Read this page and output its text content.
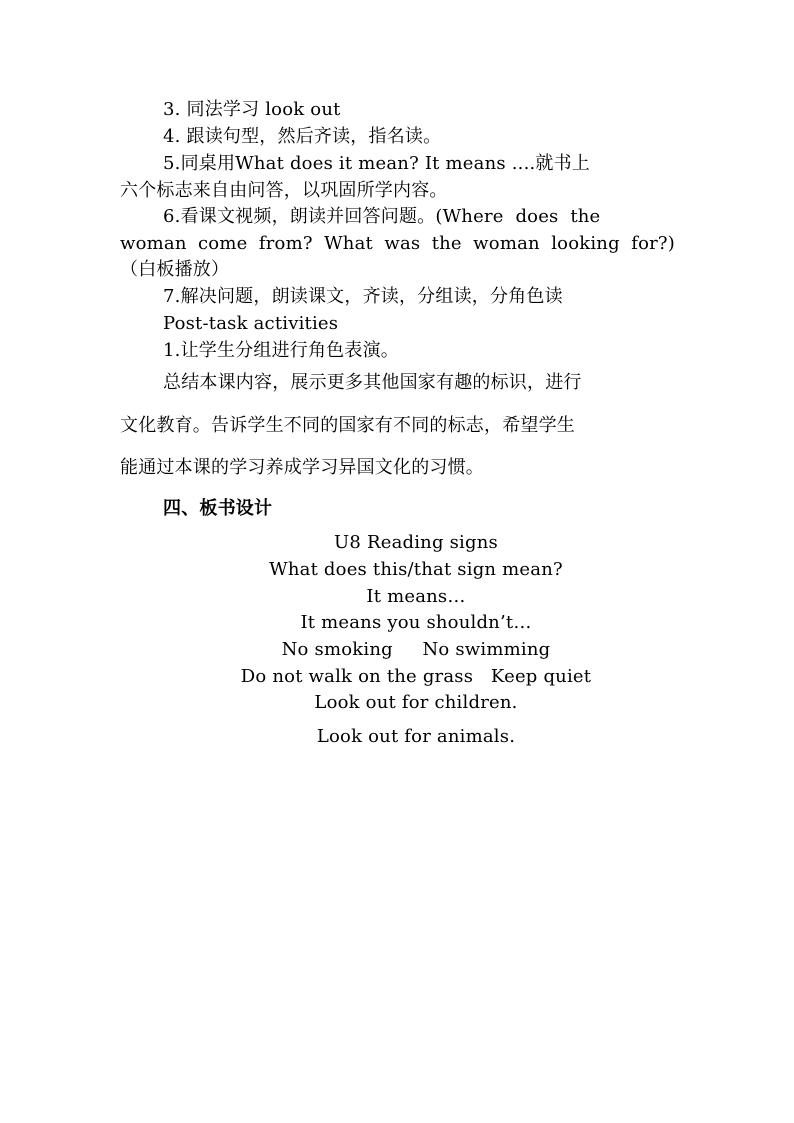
3. 同法学习 look out
4. 跟读句型，然后齐读，指名读。
5.同桌用What does it mean? It means ....就书上
六个标志来自由问答，以巩固所学内容。
6.看课文视频，朗读并回答问题。(Where  does  the
woman come from? What was the woman looking for?)
（白板播放）
7.解决问题，朗读课文，齐读，分组读，分角色读
Post-task activities
1.让学生分组进行角色表演。
总结本课内容，展示更多其他国家有趣的标识，进行
文化教育。告诉学生不同的国家有不同的标志，希望学生
能通过本课的学习养成学习异国文化的习惯。
四、板书设计
U8 Reading signs
What does this/that sign mean?
It means…
It means you shouldn’t…
No smoking     No swimming
Do not walk on the grass   Keep quiet
Look out for children.
Look out for animals.
